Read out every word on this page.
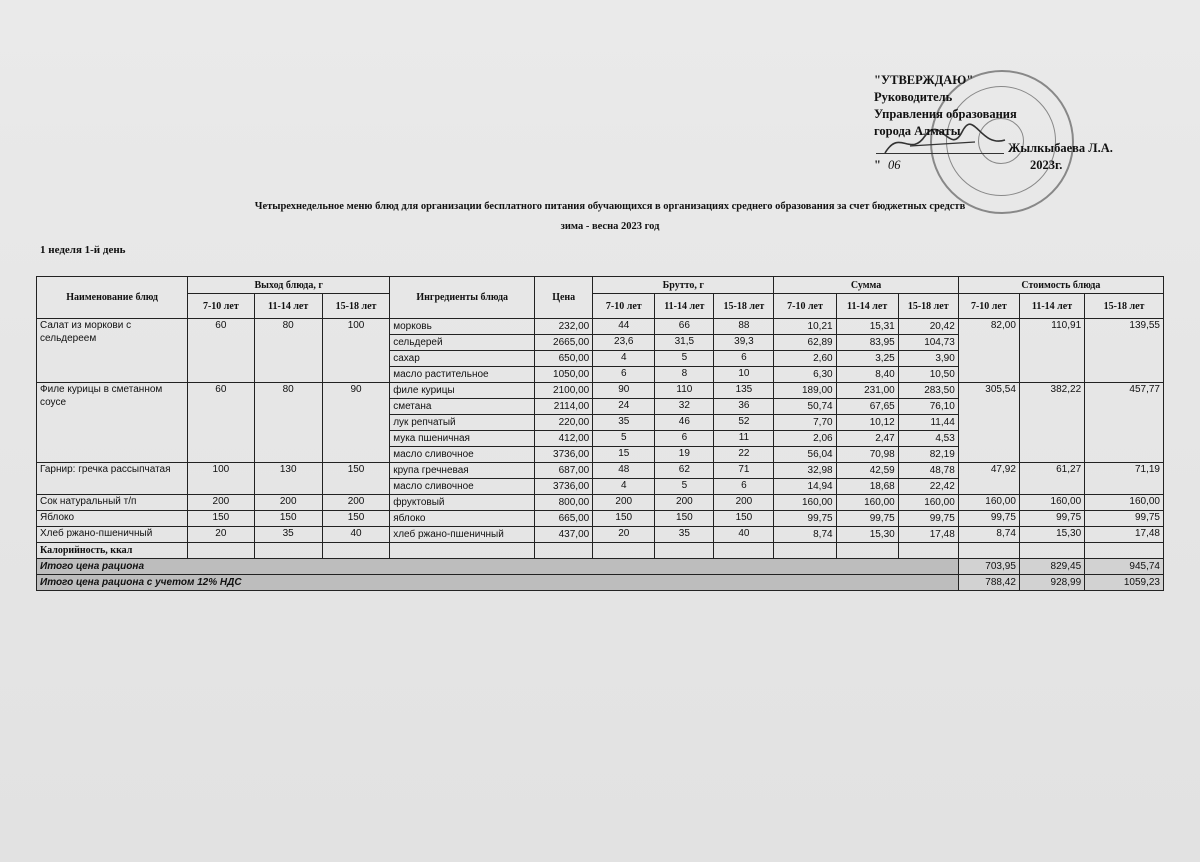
"УТВЕРЖДАЮ"
Руководитель
Управления образования
города Алматы
Жылкыбаева Л.А.
" 06	2023г.
Четырехнедельное меню блюд для организации бесплатного питания обучающихся в организациях среднего образования за счет бюджетных средств
зима - весна 2023 год
1 неделя 1-й день
Наименование блюд	Выход блюда, г			Ингредиенты блюда	Цена	Брутто, г			Сумма			Стоимость блюда		
	7-10 лет	11-14 лет	15-18 лет			7-10 лет	11-14 лет	15-18 лет	7-10 лет	11-14 лет	15-18 лет	7-10 лет	11-14 лет	15-18 лет
Салат из моркови с сельдереем	60	80	100	морковь	232,00	44	66	88	10,21	15,31	20,42	82,00	110,91	139,55
				сельдерей	2665,00	23,6	31,5	39,3	62,89	83,95	104,73			
				сахар	650,00	4	5	6	2,60	3,25	3,90			
				масло растительное	1050,00	6	8	10	6,30	8,40	10,50			
Филе курицы в сметанном соусе	60	80	90	филе курицы	2100,00	90	110	135	189,00	231,00	283,50	305,54	382,22	457,77
				сметана	2114,00	24	32	36	50,74	67,65	76,10			
				лук репчатый	220,00	35	46	52	7,70	10,12	11,44			
				мука пшеничная	412,00	5	6	11	2,06	2,47	4,53			
				масло сливочное	3736,00	15	19	22	56,04	70,98	82,19			
Гарнир: гречка рассыпчатая	100	130	150	крупа гречневая	687,00	48	62	71	32,98	42,59	48,78	47,92	61,27	71,19
				масло сливочное	3736,00	4	5	6	14,94	18,68	22,42			
Сок натуральный т/п	200	200	200	фруктовый	800,00	200	200	200	160,00	160,00	160,00	160,00	160,00	160,00
Яблоко	150	150	150	яблоко	665,00	150	150	150	99,75	99,75	99,75	99,75	99,75	99,75
Хлеб ржано-пшеничный	20	35	40	хлеб ржано-пшеничный	437,00	20	35	40	8,74	15,30	17,48	8,74	15,30	17,48
Калорийность, ккал														
Итого цена рациона												703,95	829,45	945,74
Итого цена рациона с учетом 12% НДС												788,42	928,99	1059,23
